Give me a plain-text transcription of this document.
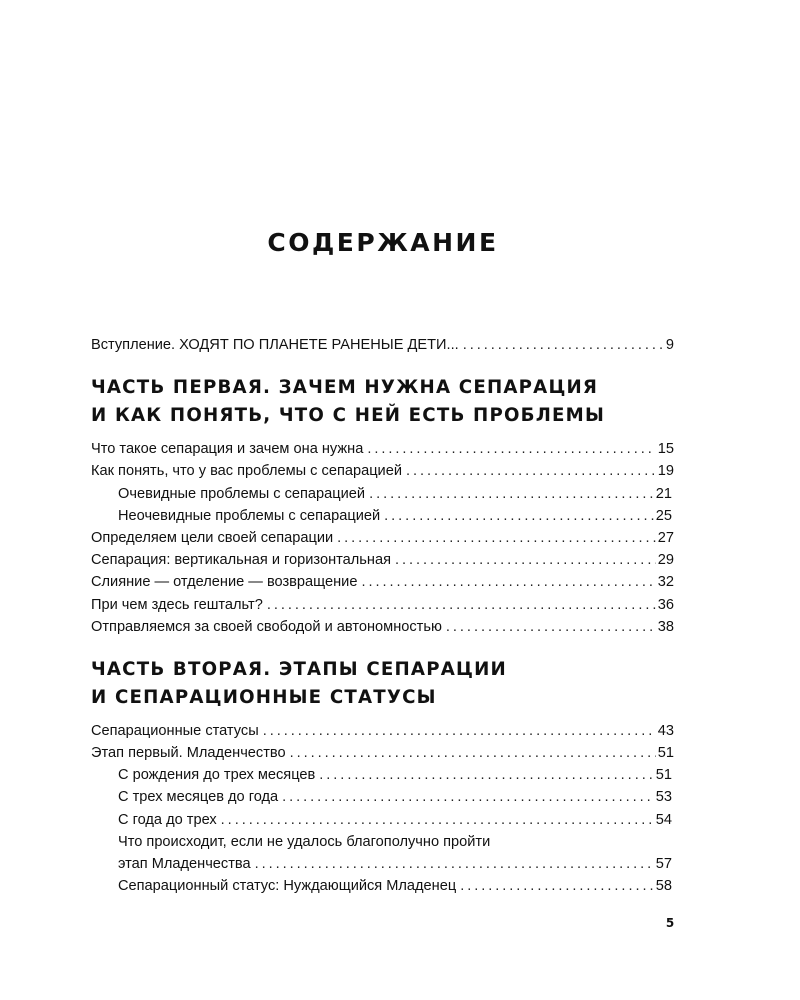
СОДЕРЖАНИЕ
Вступление. ХОДЯТ ПО ПЛАНЕТЕ РАНЕНЫЕ ДЕТИ... . . .	9
ЧАСТЬ ПЕРВАЯ. ЗАЧЕМ НУЖНА СЕПАРАЦИЯ
И КАК ПОНЯТЬ, ЧТО С НЕЙ ЕСТЬ ПРОБЛЕМЫ
Что такое сепарация и зачем она нужна . . .	15
Как понять, что у вас проблемы с сепарацией . . .	19
Очевидные проблемы с сепарацией . . .	21
Неочевидные проблемы с сепарацией . . .	25
Определяем цели своей сепарации . . .	27
Сепарация: вертикальная и горизонтальная . . .	29
Слияние — отделение — возвращение . . .	32
При чем здесь гештальт? . . .	36
Отправляемся за своей свободой и автономностью . . .	38
ЧАСТЬ ВТОРАЯ. ЭТАПЫ СЕПАРАЦИИ
И СЕПАРАЦИОННЫЕ СТАТУСЫ
Сепарационные статусы . . .	43
Этап первый. Младенчество . . .	51
С рождения до трех месяцев . . .	51
С трех месяцев до года . . .	53
С года до трех . . .	54
Что происходит, если не удалось благополучно пройти
этап Младенчества . . .	57
Сепарационный статус: Нуждающийся Младенец . . .	58
5
